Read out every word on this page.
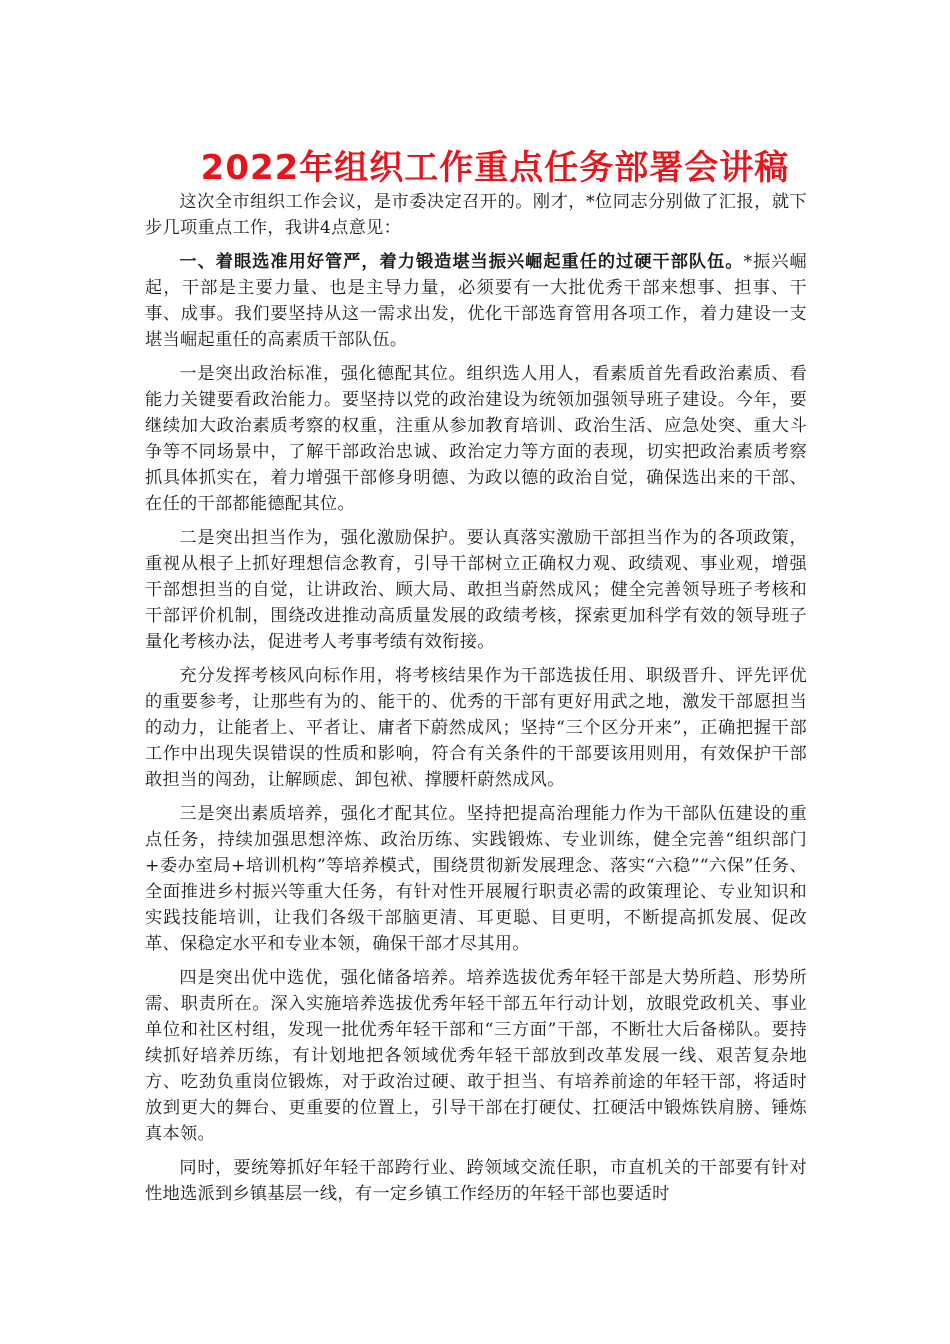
2022年组织工作重点任务部署会讲稿

这次全市组织工作会议，是市委决定召开的。刚才，*位同志分别做了汇报，就下步几项重点工作，我讲4点意见：

一、着眼选准用好管严，着力锻造堪当振兴崛起重任的过硬干部队伍。*振兴崛起，干部是主要力量、也是主导力量，必须要有一大批优秀干部来想事、担事、干事、成事。我们要坚持从这一需求出发，优化干部选育管用各项工作，着力建设一支堪当崛起重任的高素质干部队伍。

一是突出政治标准，强化德配其位。组织选人用人，看素质首先看政治素质、看能力关键要看政治能力。要坚持以党的政治建设为统领加强领导班子建设。今年，要继续加大政治素质考察的权重，注重从参加教育培训、政治生活、应急处突、重大斗争等不同场景中，了解干部政治忠诚、政治定力等方面的表现，切实把政治素质考察抓具体抓实在，着力增强干部修身明德、为政以德的政治自觉，确保选出来的干部、在任的干部都能德配其位。

二是突出担当作为，强化激励保护。要认真落实激励干部担当作为的各项政策，重视从根子上抓好理想信念教育，引导干部树立正确权力观、政绩观、事业观，增强干部想担当的自觉，让讲政治、顾大局、敢担当蔚然成风；健全完善领导班子考核和干部评价机制，围绕改进推动高质量发展的政绩考核，探索更加科学有效的领导班子量化考核办法，促进考人考事考绩有效衔接。

充分发挥考核风向标作用，将考核结果作为干部选拔任用、职级晋升、评先评优的重要参考，让那些有为的、能干的、优秀的干部有更好用武之地，激发干部愿担当的动力，让能者上、平者让、庸者下蔚然成风；坚持“三个区分开来”，正确把握干部工作中出现失误错误的性质和影响，符合有关条件的干部要该用则用，有效保护干部敢担当的闯劲，让解顾虑、卸包袱、撑腰杆蔚然成风。

三是突出素质培养，强化才配其位。坚持把提高治理能力作为干部队伍建设的重点任务，持续加强思想淬炼、政治历练、实践锻炼、专业训练，健全完善“组织部门+委办室局+培训机构”等培养模式，围绕贯彻新发展理念、落实“六稳”“六保”任务、全面推进乡村振兴等重大任务，有针对性开展履行职责必需的政策理论、专业知识和实践技能培训，让我们各级干部脑更清、耳更聪、目更明，不断提高抓发展、促改革、保稳定水平和专业本领，确保干部才尽其用。

四是突出优中选优，强化储备培养。培养选拔优秀年轻干部是大势所趋、形势所需、职责所在。深入实施培养选拔优秀年轻干部五年行动计划，放眼党政机关、事业单位和社区村组，发现一批优秀年轻干部和“三方面”干部，不断壮大后备梯队。要持续抓好培养历练，有计划地把各领域优秀年轻干部放到改革发展一线、艰苦复杂地方、吃劲负重岗位锻炼，对于政治过硬、敢于担当、有培养前途的年轻干部，将适时放到更大的舞台、更重要的位置上，引导干部在打硬仗、扛硬活中锻炼铁肩膀、锤炼真本领。

同时，要统筹抓好年轻干部跨行业、跨领域交流任职，市直机关的干部要有针对性地选派到乡镇基层一线，有一定乡镇工作经历的年轻干部也要适时
